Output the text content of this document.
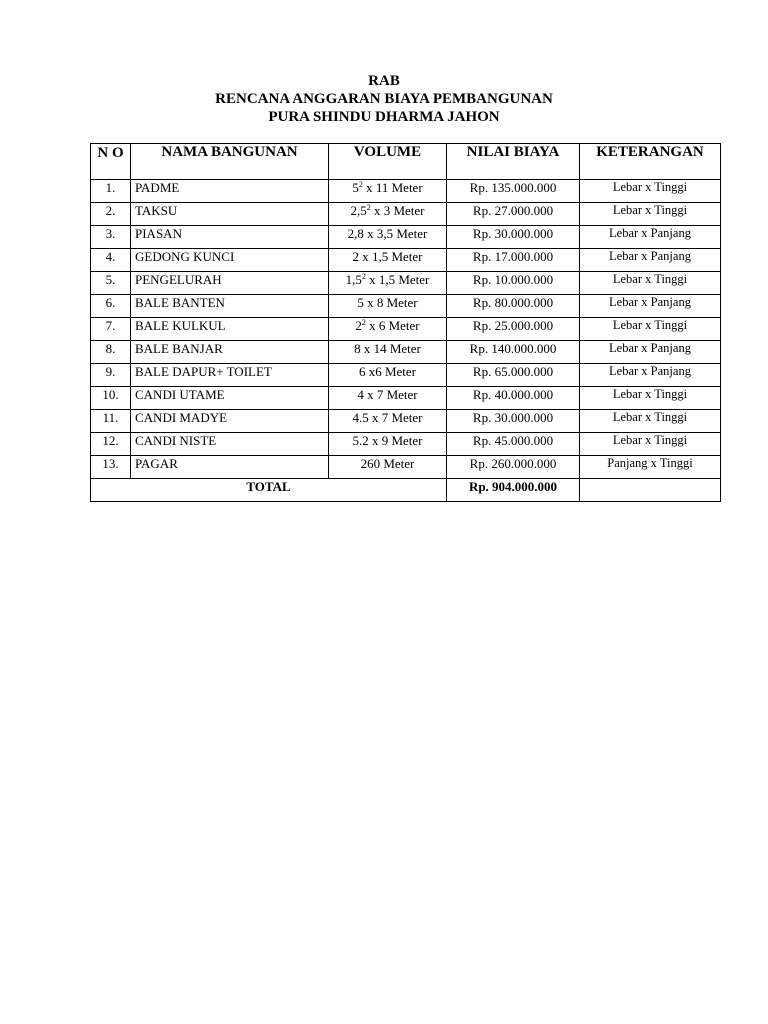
RAB
RENCANA ANGGARAN BIAYA PEMBANGUNAN
PURA SHINDU DHARMA JAHON
N O	NAMA BANGUNAN	VOLUME	NILAI BIAYA	KETERANGAN
1.	PADME	$5^2$ x 11 Meter	Rp. 135.000.000	Lebar x Tinggi
2.	TAKSU	$2,5^2$ x 3 Meter	Rp. 27.000.000	Lebar x Tinggi
3.	PIASAN	2,8 x 3,5 Meter	Rp. 30.000.000	Lebar x Panjang
4.	GEDONG KUNCI	2 x 1,5 Meter	Rp. 17.000.000	Lebar x Panjang
5.	PENGELURAH	$1,5^2$ x 1,5 Meter	Rp. 10.000.000	Lebar x Tinggi
6.	BALE BANTEN	5 x 8 Meter	Rp. 80.000.000	Lebar x Panjang
7.	BALE KULKUL	$2^2$ x 6 Meter	Rp. 25.000.000	Lebar x Tinggi
8.	BALE BANJAR	8 x 14 Meter	Rp. 140.000.000	Lebar x Panjang
9.	BALE DAPUR+ TOILET	6 x6 Meter	Rp. 65.000.000	Lebar x Panjang
10.	CANDI UTAME	4 x 7 Meter	Rp. 40.000.000	Lebar x Tinggi
11.	CANDI MADYE	4.5 x 7 Meter	Rp. 30.000.000	Lebar x Tinggi
12.	CANDI NISTE	5.2 x 9 Meter	Rp. 45.000.000	Lebar x Tinggi
13.	PAGAR	260 Meter	Rp. 260.000.000	Panjang x Tinggi
TOTAL			Rp. 904.000.000	
